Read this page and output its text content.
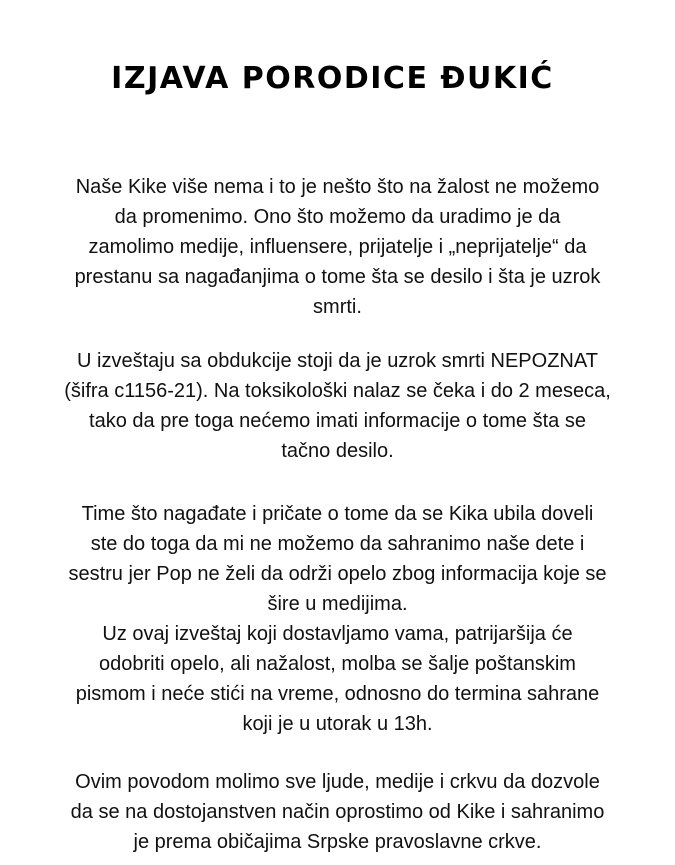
IZJAVA PORODICE ĐUKIĆ

Naše Kike više nema i to je nešto što na žalost ne možemo
da promenimo. Ono što možemo da uradimo je da
zamolimo medije, influensere, prijatelje i „neprijatelje“ da
prestanu sa nagađanjima o tome šta se desilo i šta je uzrok
smrti.

U izveštaju sa obdukcije stoji da je uzrok smrti NEPOZNAT
(šifra c1156-21). Na toksikološki nalaz se čeka i do 2 meseca,
tako da pre toga nećemo imati informacije o tome šta se
tačno desilo.

Time što nagađate i pričate o tome da se Kika ubila doveli
ste do toga da mi ne možemo da sahranimo naše dete i
sestru jer Pop ne želi da održi opelo zbog informacija koje se
šire u medijima.
Uz ovaj izveštaj koji dostavljamo vama, patrijaršija će
odobriti opelo, ali nažalost, molba se šalje poštanskim
pismom i neće stići na vreme, odnosno do termina sahrane
koji je u utorak u 13h.

Ovim povodom molimo sve ljude, medije i crkvu da dozvole
da se na dostojanstven način oprostimo od Kike i sahranimo
je prema običajima Srpske pravoslavne crkve.
